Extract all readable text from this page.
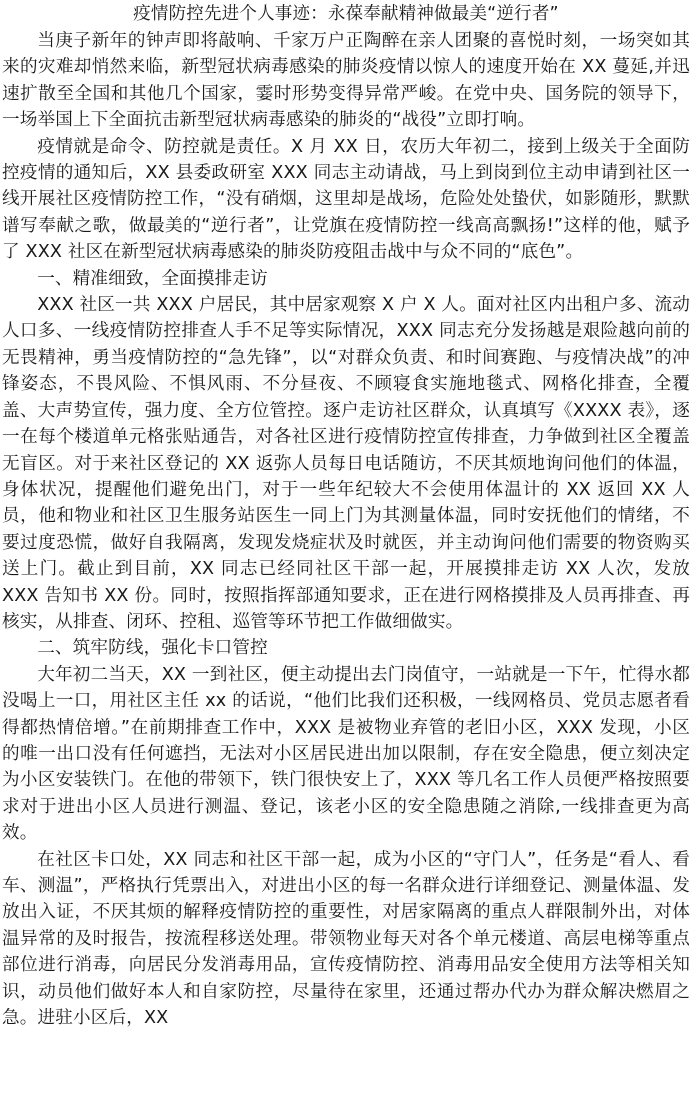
疫情防控先进个人事迹：永葆奉献精神做最美“逆行者”

当庚子新年的钟声即将敲响、千家万户正陶醉在亲人团聚的喜悦时刻，一场突如其来的灾难却悄然来临，新型冠状病毒感染的肺炎疫情以惊人的速度开始在 XX 蔓延,并迅速扩散至全国和其他几个国家，霎时形势变得异常严峻。在党中央、国务院的领导下，一场举国上下全面抗击新型冠状病毒感染的肺炎的“战役”立即打响。

疫情就是命令、防控就是责任。X 月 XX 日，农历大年初二，接到上级关于全面防控疫情的通知后，XX 县委政研室 XXX 同志主动请战，马上到岗到位主动申请到社区一线开展社区疫情防控工作，“没有硝烟，这里却是战场，危险处处蛰伏，如影随形，默默谱写奉献之歌，做最美的“逆行者”，让党旗在疫情防控一线高高飘扬!”这样的他，赋予了 XXX 社区在新型冠状病毒感染的肺炎防疫阻击战中与众不同的“底色”。

一、精准细致，全面摸排走访

XXX 社区一共 XXX 户居民，其中居家观察 X 户 X 人。面对社区内出租户多、流动人口多、一线疫情防控排查人手不足等实际情况，XXX 同志充分发扬越是艰险越向前的无畏精神，勇当疫情防控的“急先锋”，以“对群众负责、和时间赛跑、与疫情决战”的冲锋姿态，不畏风险、不惧风雨、不分昼夜、不顾寝食实施地毯式、网格化排查，全覆盖、大声势宣传，强力度、全方位管控。逐户走访社区群众，认真填写《XXXX 表》，逐一在每个楼道单元格张贴通告，对各社区进行疫情防控宣传排查，力争做到社区全覆盖无盲区。对于来社区登记的 XX 返弥人员每日电话随访，不厌其烦地询问他们的体温，身体状况，提醒他们避免出门，对于一些年纪较大不会使用体温计的 XX 返回 XX 人员，他和物业和社区卫生服务站医生一同上门为其测量体温，同时安抚他们的情绪，不要过度恐慌，做好自我隔离，发现发烧症状及时就医，并主动询问他们需要的物资购买送上门。截止到目前，XX 同志已经同社区干部一起，开展摸排走访 XX 人次，发放 XXX 告知书 XX 份。同时，按照指挥部通知要求，正在进行网格摸排及人员再排查、再核实，从排查、闭环、控租、巡管等环节把工作做细做实。

二、筑牢防线，强化卡口管控

大年初二当天，XX 一到社区，便主动提出去门岗值守，一站就是一下午，忙得水都没喝上一口，用社区主任 xx 的话说，“他们比我们还积极，一线网格员、党员志愿者看得都热情倍增。”在前期排查工作中，XXX 是被物业弃管的老旧小区，XXX 发现，小区的唯一出口没有任何遮挡，无法对小区居民进出加以限制，存在安全隐患，便立刻决定为小区安装铁门。在他的带领下，铁门很快安上了，XXX 等几名工作人员便严格按照要求对于进出小区人员进行测温、登记，该老小区的安全隐患随之消除,一线排查更为高效。

在社区卡口处，XX 同志和社区干部一起，成为小区的“守门人”，任务是“看人、看车、测温”，严格执行凭票出入，对进出小区的每一名群众进行详细登记、测量体温、发放出入证，不厌其烦的解释疫情防控的重要性，对居家隔离的重点人群限制外出，对体温异常的及时报告，按流程移送处理。带领物业每天对各个单元楼道、高层电梯等重点部位进行消毒，向居民分发消毒用品，宣传疫情防控、消毒用品安全使用方法等相关知识，动员他们做好本人和自家防控，尽量待在家里，还通过帮办代办为群众解决燃眉之急。进驻小区后，XX
